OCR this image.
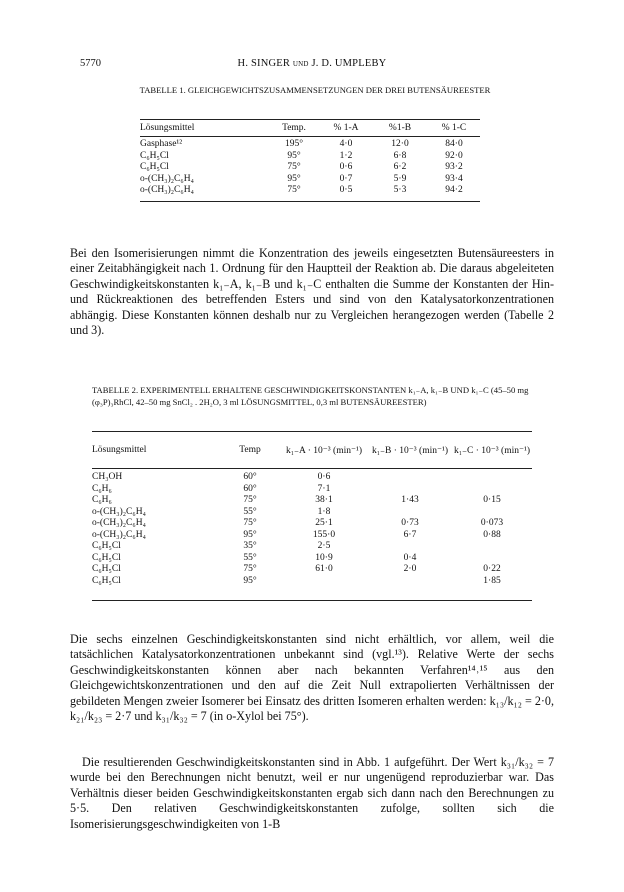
5770	H. SINGER und J. D. UMPLEBY
TABELLE 1. GLEICHGEWICHTSZUSAMMENSETZUNGEN DER DREI BUTENSÄUREESTER
Lösungsmittel	Temp.	% 1-A	%1-B	% 1-C

Gasphase¹²	195°	4·0	12·0	84·0
C₆H₅Cl	95°	1·2	6·8	92·0
C₆H₅Cl	75°	0·6	6·2	93·2
o-(CH₃)₂C₆H₄	95°	0·7	5·9	93·4
o-(CH₃)₂C₆H₄	75°	0·5	5·3	94·2
Bei den Isomerisierungen nimmt die Konzentration des jeweils eingesetzten Butensäureesters in einer Zeitabhängigkeit nach 1. Ordnung für den Hauptteil der Reaktion ab. Die daraus abgeleiteten Geschwindigkeitskonstanten k₁₋A, k₁₋B und k₁₋C enthalten die Summe der Konstanten der Hin- und Rückreaktionen des betreffenden Esters und sind von den Katalysatorkonzentrationen abhängig. Diese Konstanten können deshalb nur zu Vergleichen herangezogen werden (Tabelle 2 und 3).
TABELLE 2. EXPERIMENTELL ERHALTENE GESCHWINDIGKEITSKONSTANTEN k₁₋A, k₁₋B UND k₁₋C (45–50 mg (φ₃P)₃RhCl, 42–50 mg SnCl₂ . 2H₂O, 3 ml LÖSUNGSMITTEL, 0,3 ml BUTENSÄUREESTER)
Lösungsmittel	Temp	k₁₋A · 10⁻³ (min⁻¹)	k₁₋B · 10⁻³ (min⁻¹)	k₁₋C · 10⁻³ (min⁻¹)

CH₃OH	60°	0·6		
C₆H₆	60°	7·1		
C₆H₆	75°	38·1	1·43	0·15
o-(CH₃)₂C₆H₄	55°	1·8		
o-(CH₃)₂C₆H₄	75°	25·1	0·73	0·073
o-(CH₃)₂C₆H₄	95°	155·0	6·7	0·88
C₆H₅Cl	35°	2·5		
C₆H₅Cl	55°	10·9	0·4	
C₆H₅Cl	75°	61·0	2·0	0·22
C₆H₅Cl	95°			1·85
Die sechs einzelnen Geschindigkeitskonstanten sind nicht erhältlich, vor allem, weil die tatsächlichen Katalysatorkonzentrationen unbekannt sind (vgl.¹³). Relative Werte der sechs Geschwindigkeitskonstanten können aber nach bekannten Verfahren¹⁴˒¹⁵ aus den Gleichgewichtskonzentrationen und den auf die Zeit Null extrapolierten Verhältnissen der gebildeten Mengen zweier Isomerer bei Einsatz des dritten Isomeren erhalten werden: k₁₃/k₁₂ = 2·0, k₂₁/k₂₃ = 2·7 und k₃₁/k₃₂ = 7 (in o-Xylol bei 75°).
Die resultierenden Geschwindigkeitskonstanten sind in Abb. 1 aufgeführt. Der Wert k₃₁/k₃₂ = 7 wurde bei den Berechnungen nicht benutzt, weil er nur ungenügend reproduzierbar war. Das Verhältnis dieser beiden Geschwindigkeitskonstanten ergab sich dann nach den Berechnungen zu 5·5. Den relativen Geschwindigkeitskonstanten zufolge, sollten sich die Isomerisierungsgeschwindigkeiten von 1-B
